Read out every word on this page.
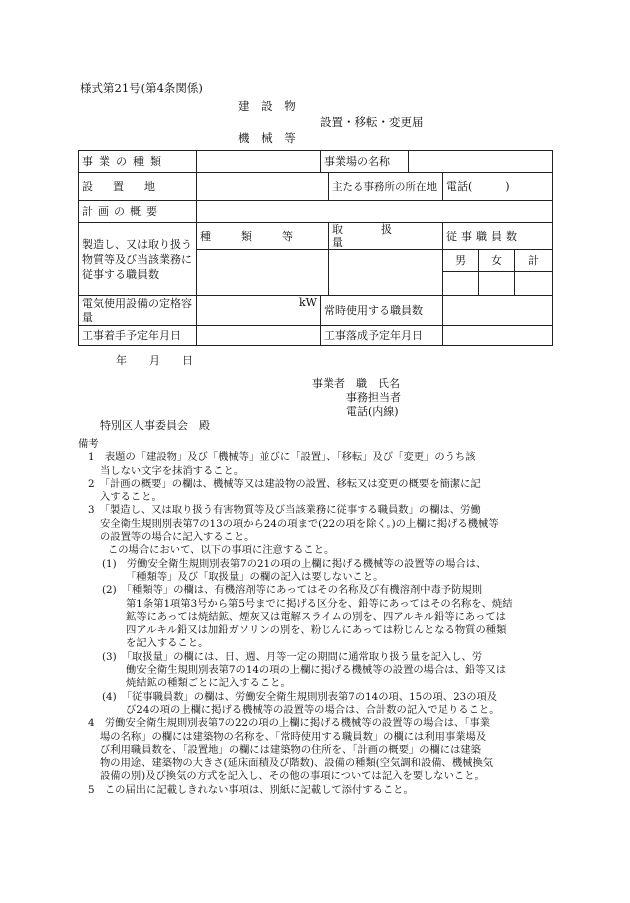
様式第21号(第4条関係)
建 設 物
設置・移転・変更届
機 械 等
事業の種類		事業場の名称					
設置地			主たる事務所の所在地		電話(　　　)		
計画の概要							
製造し、又は取り扱う物質等及び当該業務に従事する職員数	種類等		取扱量		従事職員数		
					男	女	計

電気使用設備の定格容量	kW	常時使用する職員数					
工事着手予定年月日		工事落成予定年月日					
年　　月　　日
事業者　職　氏名
事務担当者
電話(内線)
特別区人事委員会　殿

備考

1　表題の「建設物」及び「機械等」並びに「設置」、「移転」及び「変更」のうち該

当しない文字を抹消すること。

2　「計画の概要」の欄は、機械等又は建設物の設置、移転又は変更の概要を簡潔に記

入すること。

3　「製造し、又は取り扱う有害物質等及び当該業務に従事する職員数」の欄は、労働

安全衛生規則別表第7の13の項から24の項まで(22の項を除く。)の上欄に掲げる機械等

の設置等の場合に記入すること。

この場合において、以下の事項に注意すること。

(1)　労働安全衛生規則別表第7の21の項の上欄に掲げる機械等の設置等の場合は、

「種類等」及び「取扱量」の欄の記入は要しないこと。

(2)　「種類等」の欄は、有機溶剤等にあってはその名称及び有機溶剤中毒予防規則

第1条第1項第3号から第5号までに掲げる区分を、鉛等にあってはその名称を、焼結

鉱等にあっては焼結鉱、煙灰又は電解スライムの別を、四アルキル鉛等にあっては

四アルキル鉛又は加鉛ガソリンの別を、粉じんにあっては粉じんとなる物質の種類

を記入すること。

(3)　「取扱量」の欄には、日、週、月等一定の期間に通常取り扱う量を記入し、労

働安全衛生規則別表第7の14の項の上欄に掲げる機械等の設置の場合は、鉛等又は

焼結鉱の種類ごとに記入すること。

(4)　「従事職員数」の欄は、労働安全衛生規則別表第7の14の項、15の項、23の項及

び24の項の上欄に掲げる機械等の設置等の場合は、合計数の記入で足りること。

4　労働安全衛生規則別表第7の22の項の上欄に掲げる機械等の設置等の場合は、「事業

場の名称」の欄には建築物の名称を、「常時使用する職員数」の欄には利用事業場及

び利用職員数を、「設置地」の欄には建築物の住所を、「計画の概要」の欄には建築

物の用途、建築物の大きさ(延床面積及び階数)、設備の種類(空気調和設備、機械換気

設備の別)及び換気の方式を記入し、その他の事項については記入を要しないこと。

5　この届出に記載しきれない事項は、別紙に記載して添付すること。
